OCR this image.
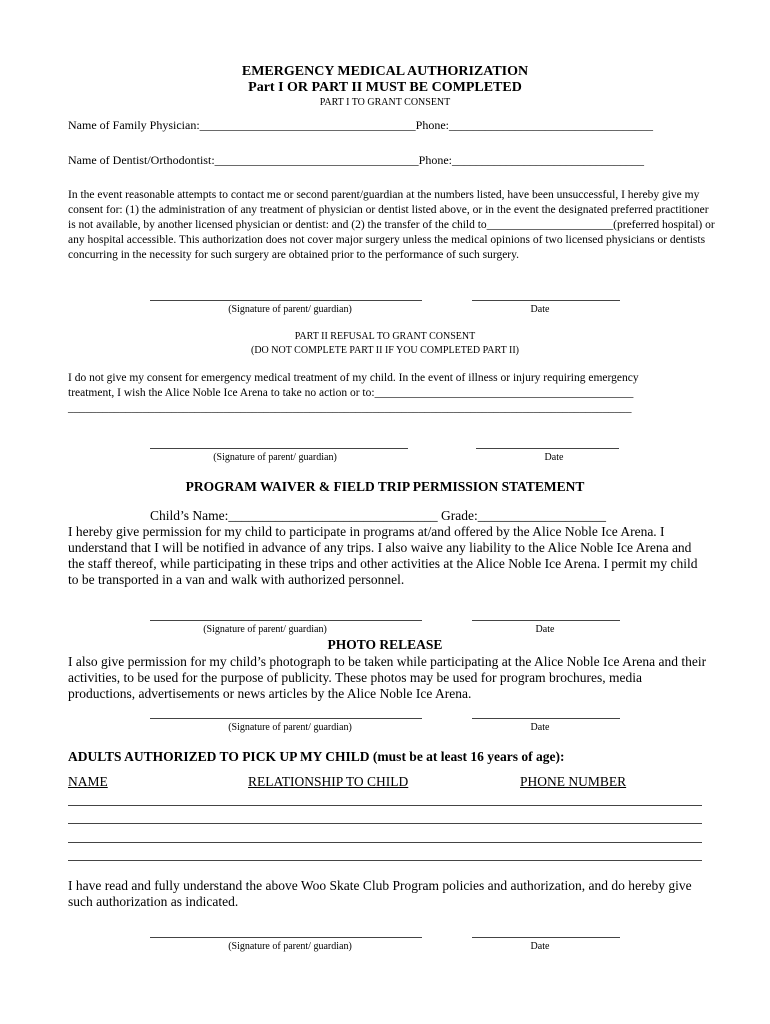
EMERGENCY MEDICAL AUTHORIZATION
Part I OR PART II MUST BE COMPLETED
PART I TO GRANT CONSENT
Name of Family Physician:____________________________________Phone:__________________________________
Name of Dentist/Orthodontist:__________________________________Phone:________________________________
In the event reasonable attempts to contact me or second parent/guardian at the numbers listed, have been unsuccessful, I hereby give my consent for: (1) the administration of any treatment of physician or dentist listed above, or in the event the designated preferred practitioner is not available, by another licensed physician or dentist: and (2) the transfer of the child to______________________(preferred hospital) or any hospital accessible. This authorization does not cover major surgery unless the medical opinions of two licensed physicians or dentists concurring in the necessity for such surgery are obtained prior to the performance of such surgery.
(Signature of parent/ guardian)	Date
PART II REFUSAL TO GRANT CONSENT
(DO NOT COMPLETE PART II IF YOU COMPLETED PART II)
I do not give my consent for emergency medical treatment of my child. In the event of illness or injury requiring emergency
treatment, I wish the Alice Noble Ice Arena to take no action or to:_____________________________________________
__________________________________________________________________________________________________
(Signature of parent/ guardian)	Date
PROGRAM WAIVER & FIELD TRIP PERMISSION STATEMENT
Child’s Name:_______________________________ Grade:___________________
I hereby give permission for my child to participate in programs at/and offered by the Alice Noble Ice Arena. I understand that I will be notified in advance of any trips. I also waive any liability to the Alice Noble Ice Arena and the staff thereof, while participating in these trips and other activities at the Alice Noble Ice Arena. I permit my child to be transported in a van and walk with authorized personnel.
(Signature of parent/ guardian)	Date
PHOTO RELEASE
I also give permission for my child’s photograph to be taken while participating at the Alice Noble Ice Arena and their activities, to be used for the purpose of publicity. These photos may be used for program brochures, media productions, advertisements or news articles by the Alice Noble Ice Arena.
(Signature of parent/ guardian)	Date
ADULTS AUTHORIZED TO PICK UP MY CHILD (must be at least 16 years of age):
NAME	RELATIONSHIP TO CHILD	PHONE NUMBER
I have read and fully understand the above Woo Skate Club Program policies and authorization, and do hereby give such authorization as indicated.
(Signature of parent/ guardian)	Date
